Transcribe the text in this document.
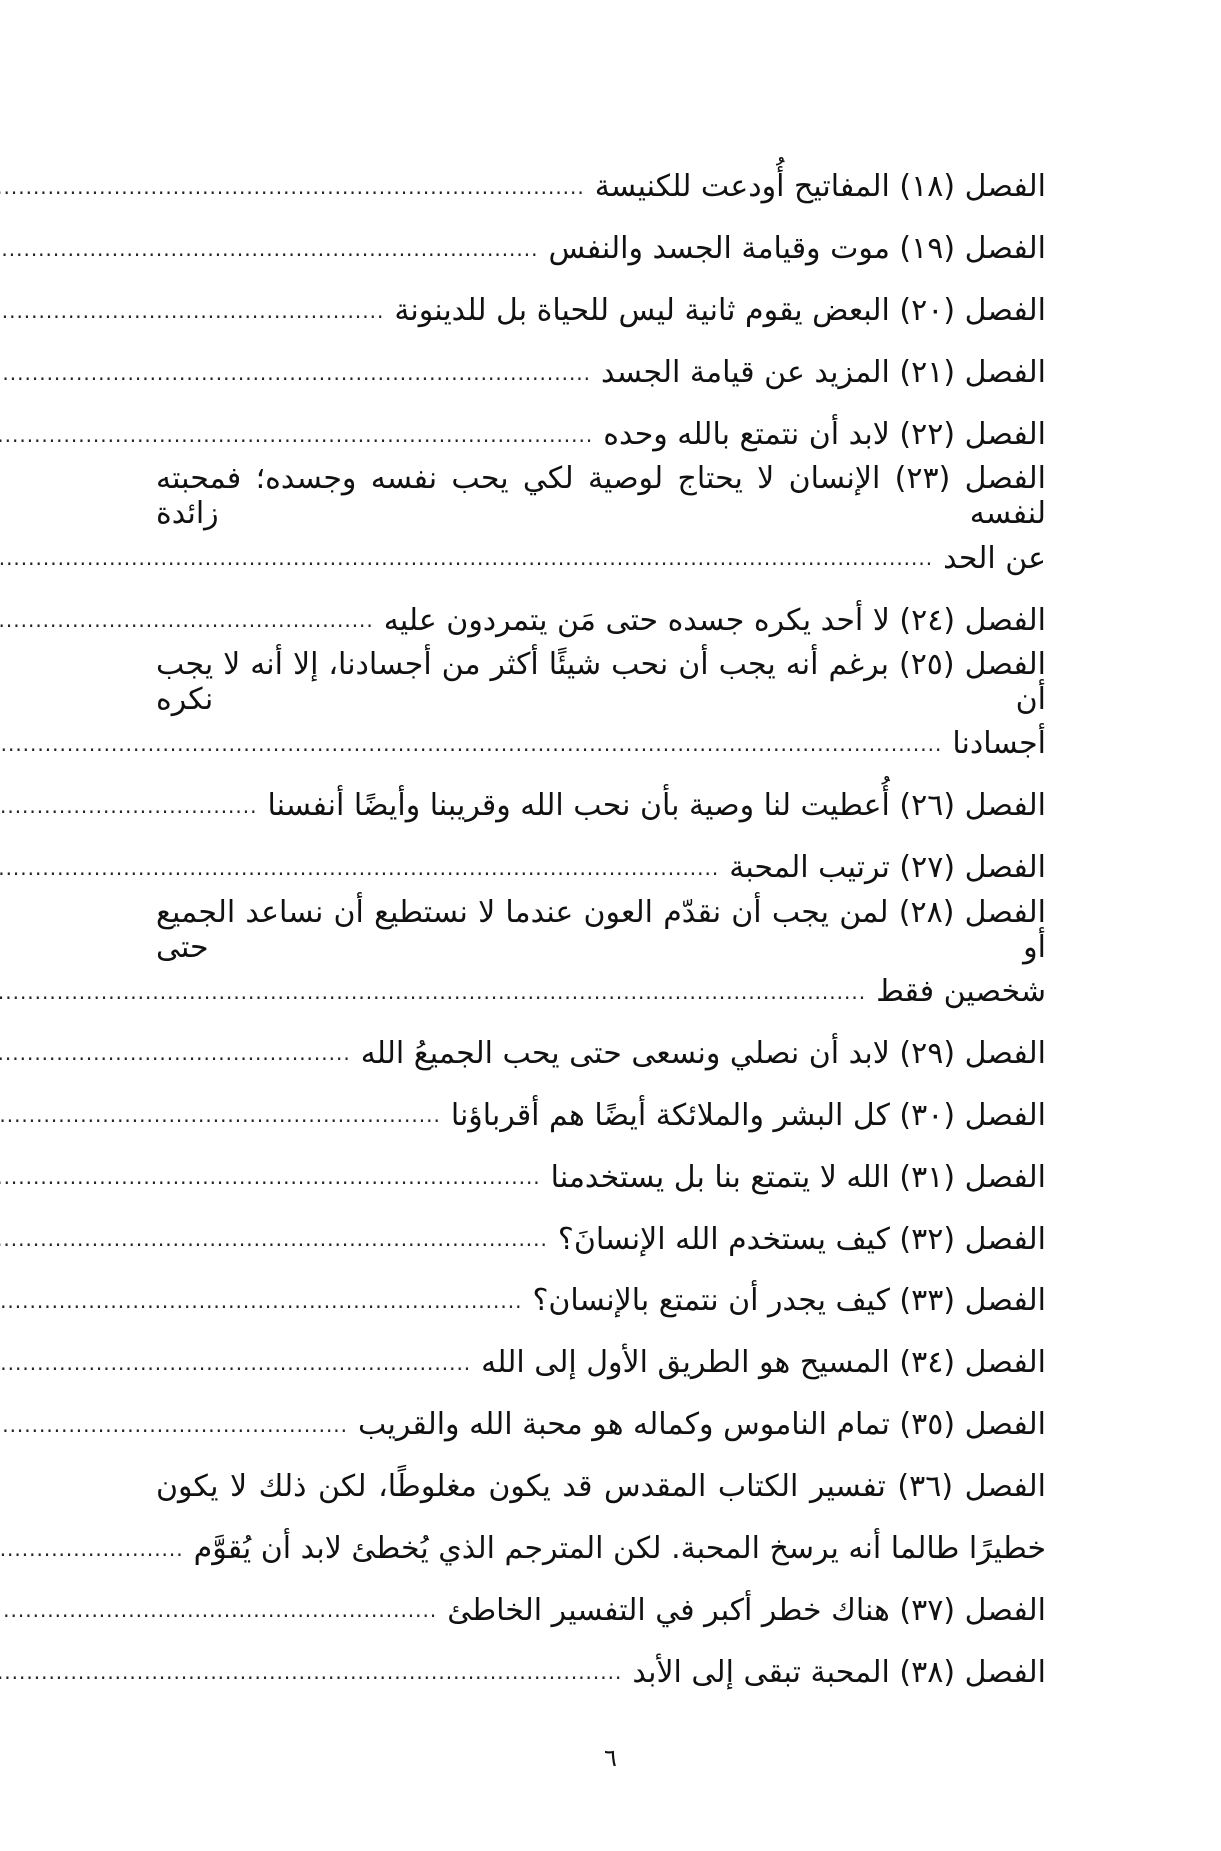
الفصل (١٨) المفاتيح أُودعت للكنيسة
.....
الفصل (١٩) موت وقيامة الجسد والنفس
.....
الفصل (٢٠) البعض يقوم ثانية ليس للحياة بل للدينونة
.....
الفصل (٢١) المزيد عن قيامة الجسد
.....
الفصل (٢٢) لابد أن نتمتع بالله وحده
.....
الفصل (٢٣) الإنسان لا يحتاج لوصية لكي يحب نفسه وجسده؛ فمحبته لنفسه زائدة
عن الحد
.....
الفصل (٢٤) لا أحد يكره جسده حتى مَن يتمردون عليه
.....
الفصل (٢٥) برغم أنه يجب أن نحب شيئًا أكثر من أجسادنا، إلا أنه لا يجب أن نكره
أجسادنا
.....
الفصل (٢٦) أُعطيت لنا وصية بأن نحب الله وقريبنا وأيضًا أنفسنا
.....
الفصل (٢٧) ترتيب المحبة
.....
الفصل (٢٨) لمن يجب أن نقدّم العون عندما لا نستطيع أن نساعد الجميع أو حتى
شخصين فقط
.....
الفصل (٢٩) لابد أن نصلي ونسعى حتى يحب الجميعُ الله
.....
الفصل (٣٠) كل البشر والملائكة أيضًا هم أقرباؤنا
.....
الفصل (٣١) الله لا يتمتع بنا بل يستخدمنا
.....
الفصل (٣٢) كيف يستخدم الله الإنسانَ؟
.....
الفصل (٣٣) كيف يجدر أن نتمتع بالإنسان؟
.....
الفصل (٣٤) المسيح هو الطريق الأول إلى الله
.....
الفصل (٣٥) تمام الناموس وكماله هو محبة الله والقريب
.....
الفصل (٣٦) تفسير الكتاب المقدس قد يكون مغلوطًا، لكن ذلك لا يكون
خطيرًا طالما أنه يرسخ المحبة. لكن المترجم الذي يُخطئ لابد أن يُقوَّم
.....
الفصل (٣٧) هناك خطر أكبر في التفسير الخاطئ
.....
الفصل (٣٨) المحبة تبقى إلى الأبد
.....
٦
